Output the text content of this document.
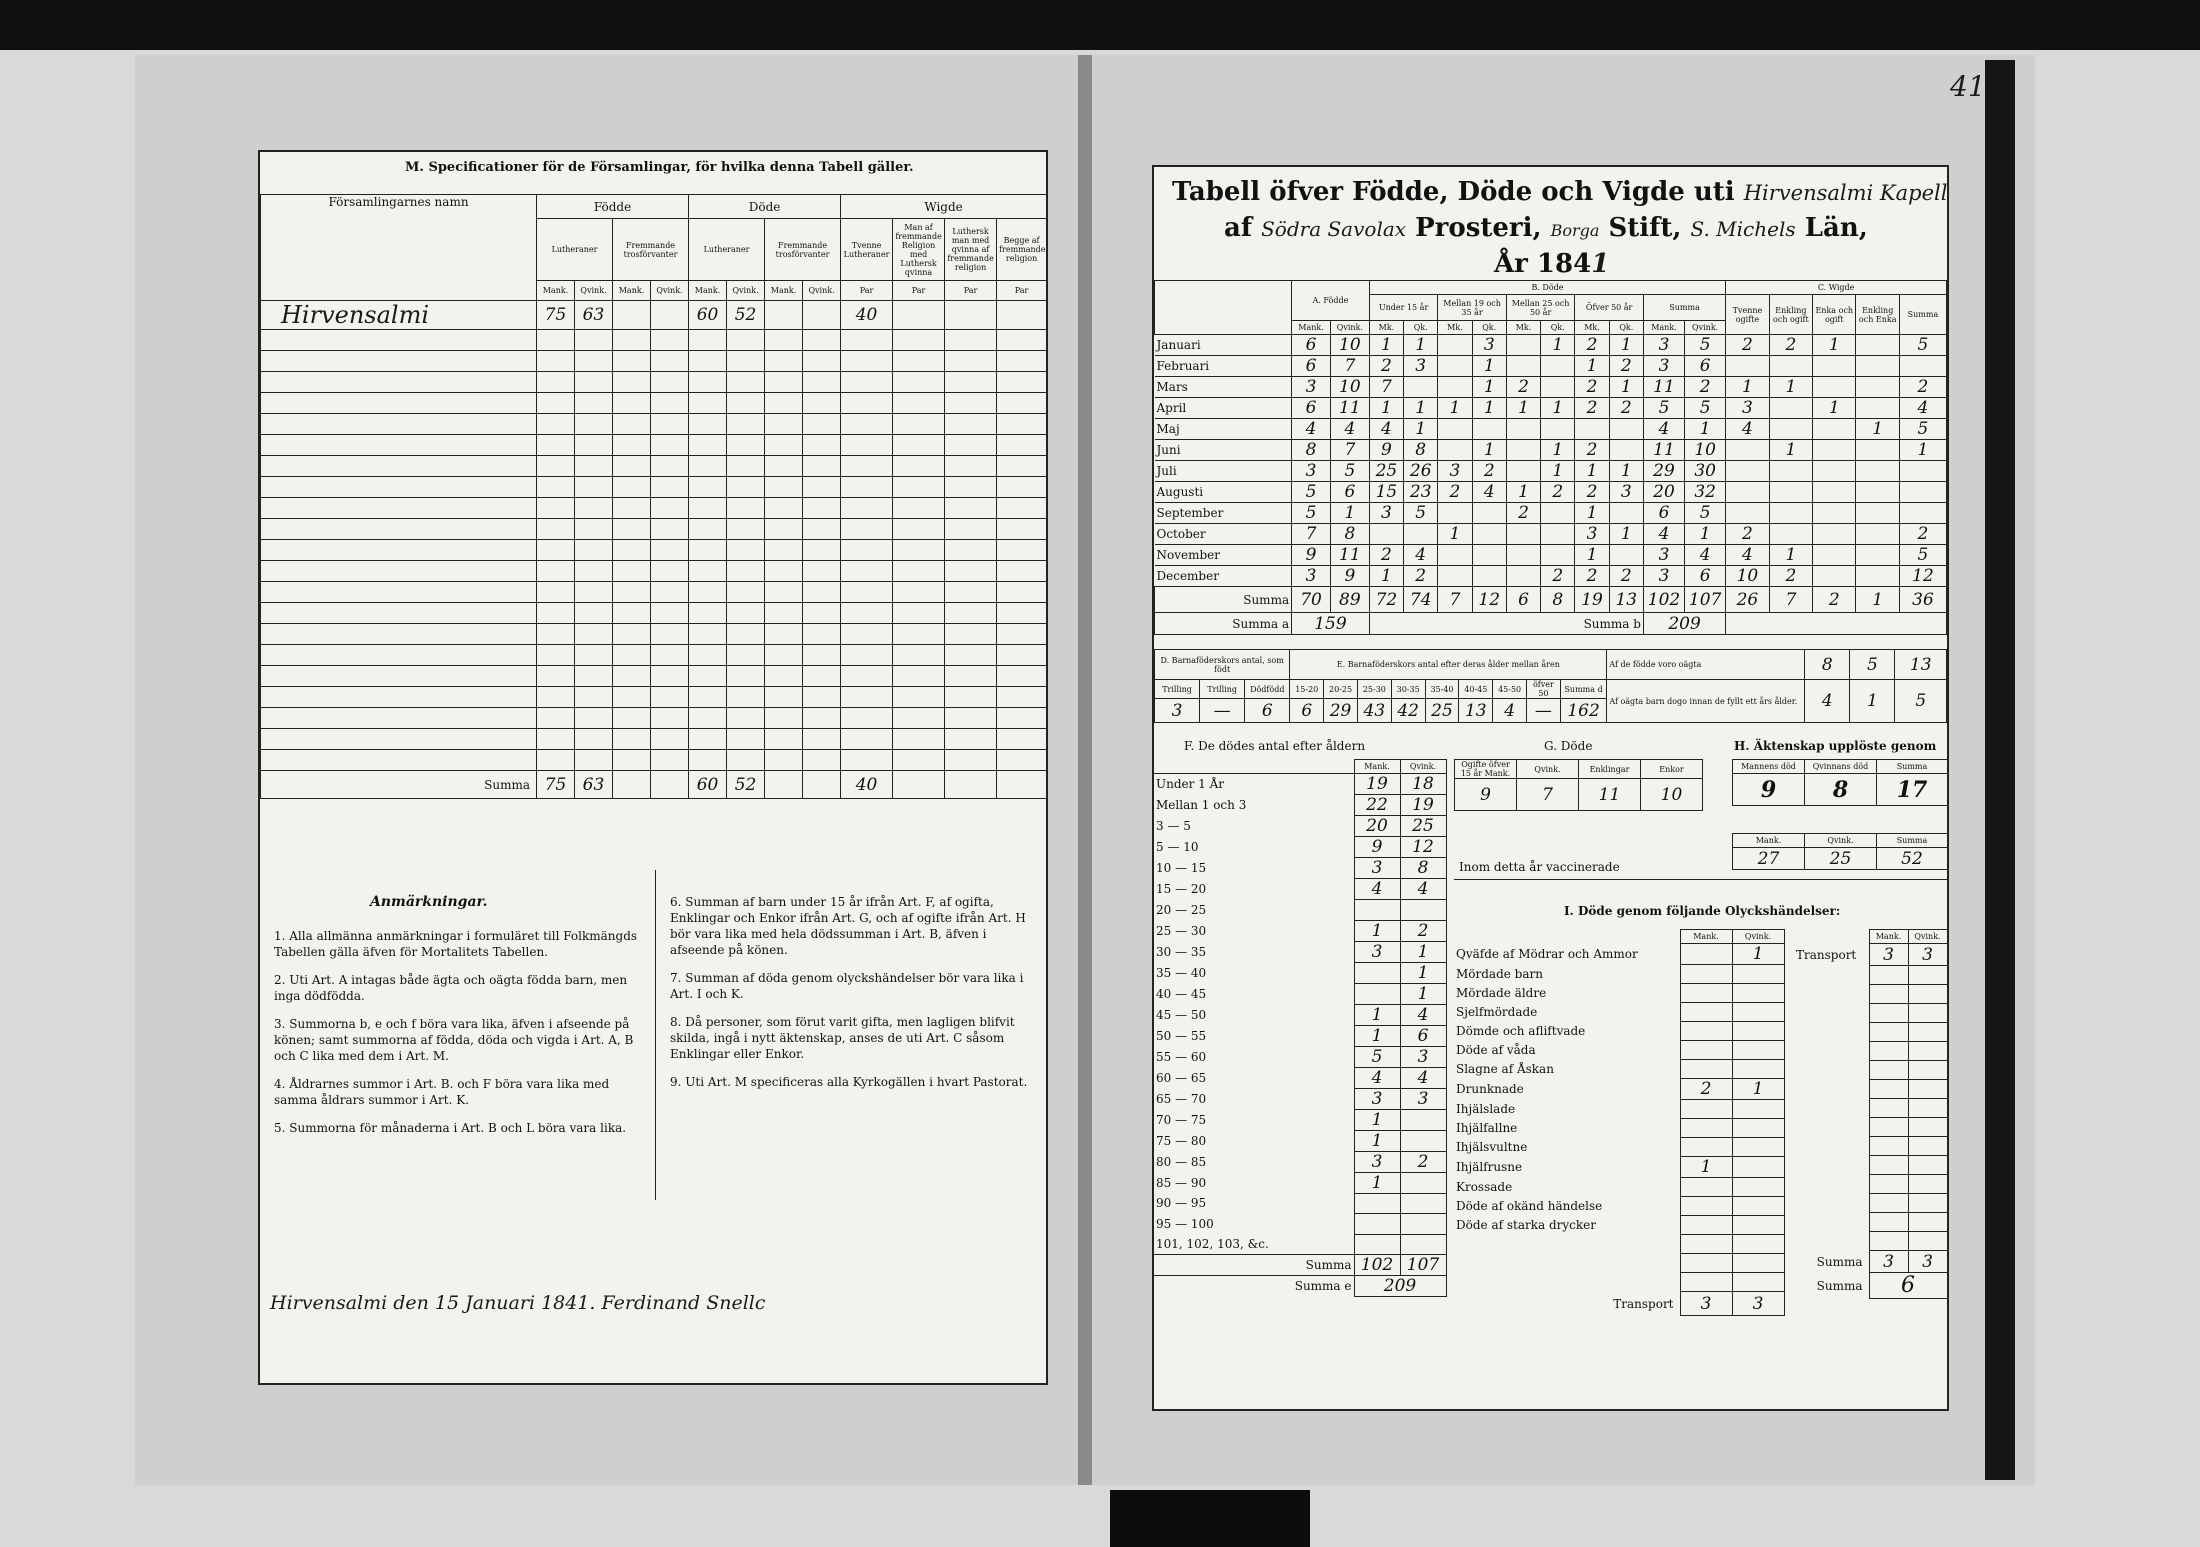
41
M. Specificationer för de Församlingar, för hvilka denna Tabell gäller.
Församlingarnes namn	Födde				Döde				Wigde			
	Lutheraner		Fremmande trosförvanter		Lutheraner		Fremmande trosförvanter		Tvenne Lutheraner	Man af fremmande Religion med Luthersk qvinna	Luthersk man med qvinna af fremmande religion	Begge af fremmande religion
	Mank.	Qvink.	Mank.	Qvink.	Mank.	Qvink.	Mank.	Qvink.	Par	Par	Par	Par
Hirvensalmi	75	63			60	52			40			

Summa	75	63			60	52			40			
Anmärkningar.

1. Alla allmänna anmärkningar i formuläret till Folkmängds Tabellen gälla äfven för Mortalitets Tabellen.

2. Uti Art. A intagas både ägta och oägta födda barn, men inga dödfödda.

3. Summorna b, e och f böra vara lika, äfven i afseende på könen; samt summorna af födda, döda och vigda i Art. A, B och C lika med dem i Art. M.

4. Åldrarnes summor i Art. B. och F böra vara lika med samma åldrars summor i Art. K.

5. Summorna för månaderna i Art. B och L böra vara lika.

6. Summan af barn under 15 år ifrån Art. F, af ogifta, Enklingar och Enkor ifrån Art. G, och af ogifte ifrån Art. H bör vara lika med hela dödssumman i Art. B, äfven i afseende på könen.

7. Summan af döda genom olyckshändelser bör vara lika i Art. I och K.

8. Då personer, som förut varit gifta, men lagligen blifvit skilda, ingå i nytt äktenskap, anses de uti Art. C såsom Enklingar eller Enkor.

9. Uti Art. M specificeras alla Kyrkogällen i hvart Pastorat.

Hirvensalmi den 15 Januari 1841. Ferdinand Snellc
Tabell öfver Födde, Döde och Vigde uti Hirvensalmi Kapell
af Södra Savolax Prosteri, Borga Stift, S. Michels Län,
År 1841
	A. Födde		B. Döde										C. Wigde				
			Under 15 år		Mellan 19 och 35 år		Mellan 25 och 50 år		Öfver 50 år		Summa		Tvenne ogifte	Enkling och ogift	Enka och ogift	Enkling och Enka	Summa
	Mank.	Qvink.	Mk.	Qk.	Mk.	Qk.	Mk.	Qk.	Mk.	Qk.	Mank.	Qvink.					
Januari	6	10	1	1		3		1	2	1	3	5	2	2	1		5
Februari	6	7	2	3		1			1	2	3	6					
Mars	3	10	7			1	2		2	1	11	2	1	1			2
April	6	11	1	1	1	1	1	1	2	2	5	5	3		1		4
Maj	4	4	4	1							4	1	4			1	5
Juni	8	7	9	8		1		1	2		11	10		1			1
Juli	3	5	25	26	3	2		1	1	1	29	30					
Augusti	5	6	15	23	2	4	1	2	2	3	20	32					
September	5	1	3	5			2		1		6	5					
October	7	8			1				3	1	4	1	2				2
November	9	11	2	4					1		3	4	4	1			5
December	3	9	1	2				2	2	2	3	6	10	2			12
Summa	70	89	72	74	7	12	6	8	19	13	102	107	26	7	2	1	36
Summa a	159		Summa b								209						
D. Barnaföderskors antal, som födt			E. Barnaföderskors antal efter deras ålder mellan åren									Af de födde voro oägta	8	5	13
Trilling	Trilling	Dödfödd	15-20	20-25	25-30	30-35	35-40	40-45	45-50	öfver 50	Summa d	Af oägta barn dogo innan de fyllt ett års ålder.	4	1	5
3	—	6	6	29	43	42	25	13	4	—	162				
F. De dödes antal efter åldern
	Mank.	Qvink.
Under 1 År	19	18
Mellan 1 och 3	22	19
3 — 5	20	25
5 — 10	9	12
10 — 15	3	8
15 — 20	4	4
20 — 25		
25 — 30	1	2
30 — 35	3	1
35 — 40		1
40 — 45		1
45 — 50	1	4
50 — 55	1	6
55 — 60	5	3
60 — 65	4	4
65 — 70	3	3
70 — 75	1	
75 — 80	1	
80 — 85	3	2
85 — 90	1	
90 — 95		
95 — 100		
101, 102, 103, &c.		
Summa	102	107
Summa e	209	
G. Döde
Ogifte öfver 15 år Mank.	Qvink.	Enklingar	Enkor
9	7	11	10
H. Äktenskap upplöste genom
Mannens död	Qvinnans död	Summa
9	8	17
Inom detta år vaccinerade
Mank.	Qvink.	Summa
27	25	52
I. Döde genom följande Olyckshändelser:
	Mank.	Qvink.
Qväfde af Mödrar och Ammor		1
Mördade barn		
Mördade äldre		
Sjelfmördade		
Dömde och afliftvade		
Döde af våda		
Slagne af Åskan		
Drunknade	2	1
Ihjälslade		
Ihjälfallne		
Ihjälsvultne		
Ihjälfrusne	1	
Krossade		
Döde af okänd händelse		
Döde af starka drycker		

Transport	3	3
	Mank.	Qvink.
Transport	3	3

Summa	3	3
Summa	6	
